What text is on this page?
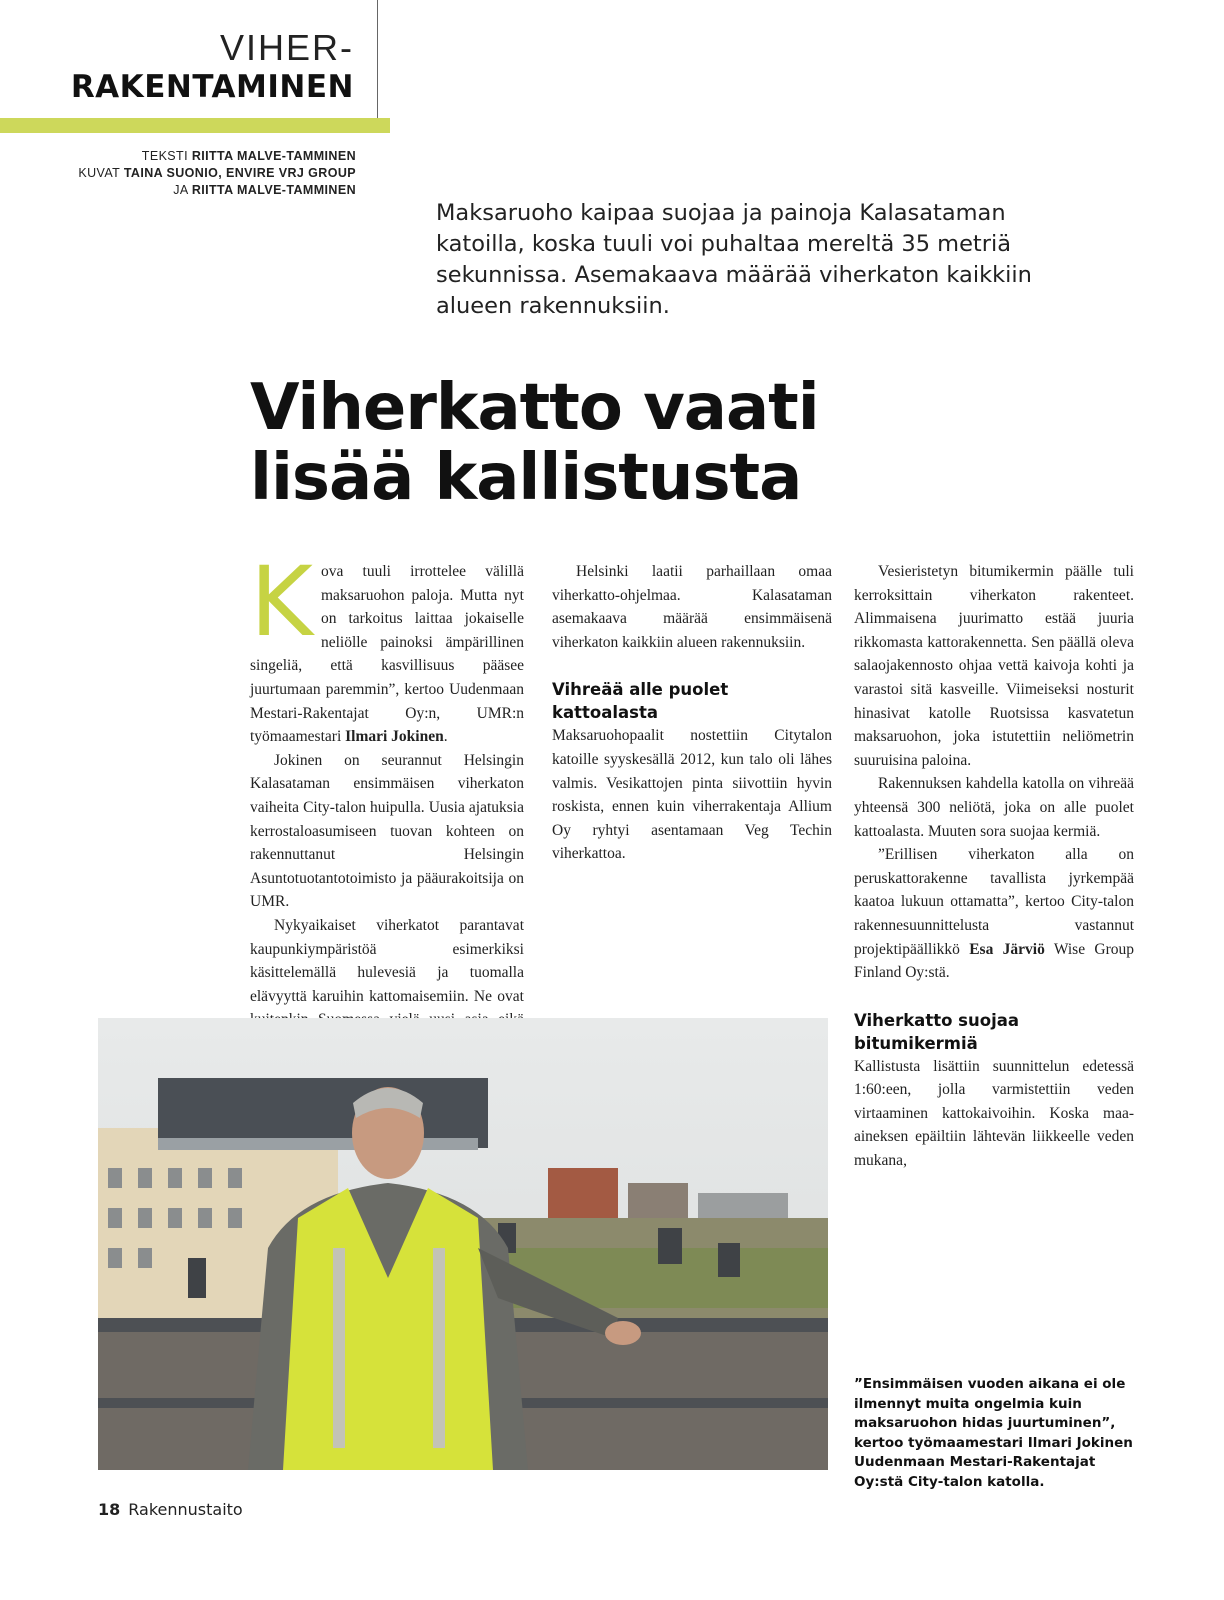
VIHER-
RAKENTAMINEN
TEKSTI RIITTA MALVE-TAMMINEN
KUVAT TAINA SUONIO, ENVIRE VRJ GROUP
JA RIITTA MALVE-TAMMINEN
Maksaruoho kaipaa suojaa ja painoja Kalasataman katoilla, koska tuuli voi puhaltaa mereltä 35 metriä sekunnissa. Asemakaava määrää viherkaton kaikkiin alueen rakennuksiin.
Viherkatto vaati
lisää kallistusta

Kova tuuli irrottelee välillä maksaruohon paloja. Mutta nyt on tarkoitus laittaa jokaiselle neliölle painoksi ämpärillinen singeliä, että kasvillisuus pääsee juurtumaan paremmin”, kertoo Uudenmaan Mestari-Rakentajat Oy:n, UMR:n työmaamestari Ilmari Jokinen.

Jokinen on seurannut Helsingin Kalasataman ensimmäisen viherkaton vaiheita City-talon huipulla. Uusia ajatuksia kerrostaloasumiseen tuovan kohteen on rakennuttanut Helsingin Asuntotuotantotoimisto ja pääurakoitsija on UMR.

Nykyaikaiset viherkatot parantavat kaupunkiympäristöä esimerkiksi käsittelemällä hulevesiä ja tuomalla elävyyttä karuihin kattomaisemiin. Ne ovat

Helsinki laatii parhaillaan omaa viherkatto-ohjelmaa. Kalasataman asemakaava määrää ensimmäisenä viherkaton kaikkiin alueen rakennuksiin.

Vihreää alle puolet kattoalasta

Maksaruohopaalit nostettiin Citytalon katoille syyskesällä 2012, kun talo oli lähes valmis. Vesikattojen pinta siivottiin hyvin roskista, ennen kuin viherrakentaja Allium Oy ryhtyi asentamaan Veg Techin viherkattoa.

Vesieristetyn bitumikermin päälle tuli kerroksittain viherkaton rakenteet. Alimmaisena juurimatto estää juuria rikkomasta kattorakennetta. Sen päällä oleva salaojakennosto ohjaa vettä kaivoja kohti ja varastoi sitä kasveille. Viimeiseksi nosturit hinasivat katolle Ruotsissa kasvatetun maksaruohon, joka istutettiin neliömetrin suuruisina paloina.

Rakennuksen kahdella katolla on vihreää yhteensä 300 neliötä, joka on alle puolet kattoalasta. Muuten sora suojaa kermiä.

”Erillisen viherkaton alla on peruskattorakenne tavallista jyrkempää kaatoa lukuun ottamatta”, kertoo City-talon rakennesuunnittelusta vastannut projektipäällikkö Esa Järviö Wise Group Finland Oy:stä.

Viherkatto suojaa bitumikermiä

Kallistusta lisättiin suunnittelun edetessä 1:60:een, jolla varmistettiin veden virtaaminen kattokaivoihin. Koska maa-aineksen epäiltiin lähtevän liikkeelle veden mukana,

”Ensimmäisen vuoden aikana ei ole ilmennyt muita ongelmia kuin maksaruohon hidas juurtuminen”, kertoo työmaamestari Ilmari Jokinen Uudenmaan Mestari-Rakentajat Oy:stä City-talon katolla.
18 Rakennustaito
